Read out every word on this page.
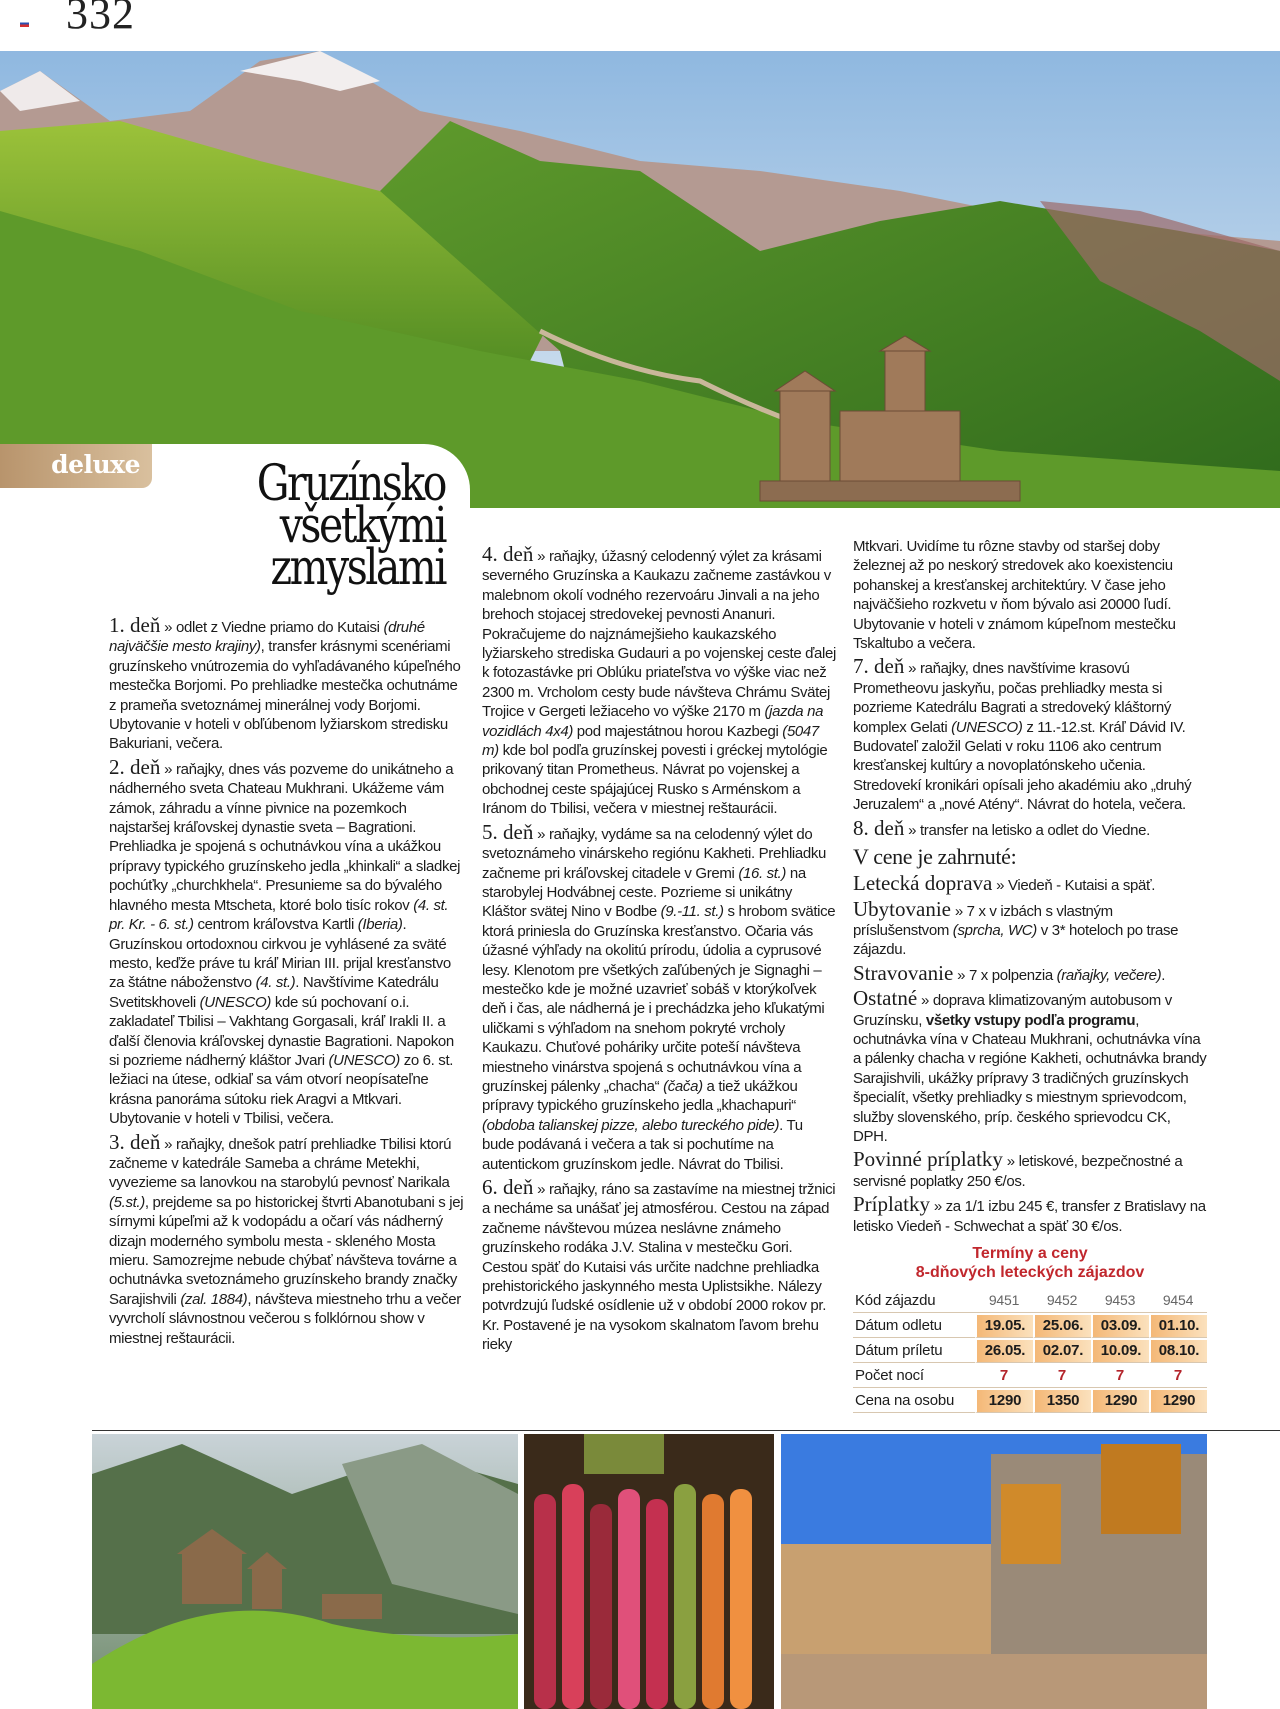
332
deluxe	Gruzínsko
všetkými
zmyslami

1. deň » odlet z Viedne priamo do Kutaisi (druhé najväčšie mesto krajiny), transfer krásnymi scenériami gruzínskeho vnútrozemia do vyhľadávaného kúpeľného mestečka Borjomi. Po prehliadke mestečka ochutnáme z prameňa svetoznámej minerálnej vody Borjomi. Ubytovanie v hoteli v obľúbenom lyžiarskom stredisku Bakuriani, večera.

2. deň » raňajky, dnes vás pozveme do unikátneho a nádherného sveta Chateau Mukhrani. Ukážeme vám zámok, záhradu a vínne pivnice na pozemkoch najstaršej kráľovskej dynastie sveta – Bagrationi. Prehliadka je spojená s ochutnávkou vína a ukážkou prípravy typického gruzínskeho jedla „khinkali“ a sladkej pochúťky „churchkhela“. Presunieme sa do bývalého hlavného mesta Mtscheta, ktoré bolo tisíc rokov (4. st. pr. Kr. - 6. st.) centrom kráľovstva Kartli (Iberia). Gruzínskou ortodoxnou cirkvou je vyhlásené za sväté mesto, keďže práve tu kráľ Mirian III. prijal kresťanstvo za štátne náboženstvo (4. st.). Navštívime Katedrálu Svetitskhoveli (UNESCO) kde sú pochovaní o.i. zakladateľ Tbilisi – Vakhtang Gorgasali, kráľ Irakli II. a ďalší členovia kráľovskej dynastie Bagrationi. Napokon si pozrieme nádherný kláštor Jvari (UNESCO) zo 6. st. ležiaci na útese, odkiaľ sa vám otvorí neopísateľne krásna panoráma sútoku riek Aragvi a Mtkvari. Ubytovanie v hoteli v Tbilisi, večera.

3. deň » raňajky, dnešok patrí prehliadke Tbilisi ktorú začneme v katedrále Sameba a chráme Metekhi, vyvezieme sa lanovkou na starobylú pevnosť Narikala (5.st.), prejdeme sa po historickej štvrti Abanotubani s jej sírnymi kúpeľmi až k vodopádu a očarí vás nádherný dizajn moderného symbolu mesta - skleného Mosta mieru. Samozrejme nebude chýbať návšteva továrne a ochutnávka svetoznámeho gruzínskeho brandy značky Sarajishvili (zal. 1884), návšteva miestneho trhu a večer vyvrcholí slávnostnou večerou s folklórnou show v miestnej reštaurácii.

4. deň » raňajky, úžasný celodenný výlet za krásami severného Gruzínska a Kaukazu začneme zastávkou v malebnom okolí vodného rezervoáru Jinvali a na jeho brehoch stojacej stredovekej pevnosti Ananuri. Pokračujeme do najznámejšieho kaukazského lyžiarskeho strediska Gudauri a po vojenskej ceste ďalej k fotozastávke pri Oblúku priateľstva vo výške viac než 2300 m. Vrcholom cesty bude návšteva Chrámu Svätej Trojice v Gergeti ležiaceho vo výške 2170 m (jazda na vozidlách 4x4) pod majestátnou horou Kazbegi (5047 m) kde bol podľa gruzínskej povesti i gréckej mytológie prikovaný titan Prometheus. Návrat po vojenskej a obchodnej ceste spájajúcej Rusko s Arménskom a Iránom do Tbilisi, večera v miestnej reštaurácii.

5. deň » raňajky, vydáme sa na celodenný výlet do svetoznámeho vinárskeho regiónu Kakheti. Prehliadku začneme pri kráľovskej citadele v Gremi (16. st.) na starobylej Hodvábnej ceste. Pozrieme si unikátny Kláštor svätej Nino v Bodbe (9.-11. st.) s hrobom svätice ktorá priniesla do Gruzínska kresťanstvo. Očaria vás úžasné výhľady na okolitú prírodu, údolia a cyprusové lesy. Klenotom pre všetkých zaľúbených je Signaghi – mestečko kde je možné uzavrieť sobáš v ktorýkoľvek deň i čas, ale nádherná je i prechádzka jeho kľukatými uličkami s výhľadom na snehom pokryté vrcholy Kaukazu. Chuťové poháriky určite poteší návšteva miestneho vinárstva spojená s ochutnávkou vína a gruzínskej pálenky „chacha“ (čača) a tiež ukážkou prípravy typického gruzínskeho jedla „khachapuri“ (obdoba talianskej pizze, alebo tureckého pide). Tu bude podávaná i večera a tak si pochutíme na autentickom gruzínskom jedle. Návrat do Tbilisi.

6. deň » raňajky, ráno sa zastavíme na miestnej tržnici a necháme sa unášať jej atmosférou. Cestou na západ začneme návštevou múzea neslávne známeho gruzínskeho rodáka J.V. Stalina v mestečku Gori. Cestou späť do Kutaisi vás určite nadchne prehliadka prehistorického jaskynného mesta Uplistsikhe. Nálezy potvrdzujú ľudské osídlenie už v období 2000 rokov pr. Kr. Postavené je na vysokom skalnatom ľavom brehu rieky

Mtkvari. Uvidíme tu rôzne stavby od staršej doby železnej až po neskorý stredovek ako koexistenciu pohanskej a kresťanskej architektúry. V čase jeho najväčšieho rozkvetu v ňom bývalo asi 20000 ľudí. Ubytovanie v hoteli v známom kúpeľnom mestečku Tskaltubo a večera.

7. deň » raňajky, dnes navštívime krasovú Prometheovu jaskyňu, počas prehliadky mesta si pozrieme Katedrálu Bagrati a stredoveký kláštorný komplex Gelati (UNESCO) z 11.-12.st. Kráľ Dávid IV. Budovateľ založil Gelati v roku 1106 ako centrum kresťanskej kultúry a novoplatónskeho učenia. Stredovekí kronikári opísali jeho akadémiu ako „druhý Jeruzalem“ a „nové Atény“. Návrat do hotela, večera.

8. deň » transfer na letisko a odlet do Viedne.

V cene je zahrnuté:

Letecká doprava » Viedeň - Kutaisi a späť.

Ubytovanie » 7 x v izbách s vlastným príslušenstvom (sprcha, WC) v 3* hoteloch po trase zájazdu.

Stravovanie » 7 x polpenzia (raňajky, večere).

Ostatné » doprava klimatizovaným autobusom v Gruzínsku, všetky vstupy podľa programu, ochutnávka vína v Chateau Mukhrani, ochutnávka vína a pálenky chacha v regióne Kakheti, ochutnávka brandy Sarajishvili, ukážky prípravy 3 tradičných gruzínskych špecialít, všetky prehliadky s miestnym sprievodcom, služby slovenského, príp. českého sprievodcu CK, DPH.

Povinné príplatky » letiskové, bezpečnostné a servisné poplatky 250 €/os.

Príplatky » za 1/1 izbu 245 €, transfer z Bratislavy na letisko Viedeň - Schwechat a späť 30 €/os.

Termíny a ceny
8-dňových leteckých zájazdov
Kód zájazdu	9451	9452	9453	9454
Dátum odletu	19.05.	25.06.	03.09.	01.10.
Dátum príletu	26.05.	02.07.	10.09.	08.10.
Počet nocí	7	7	7	7
Cena na osobu	1290	1350	1290	1290
